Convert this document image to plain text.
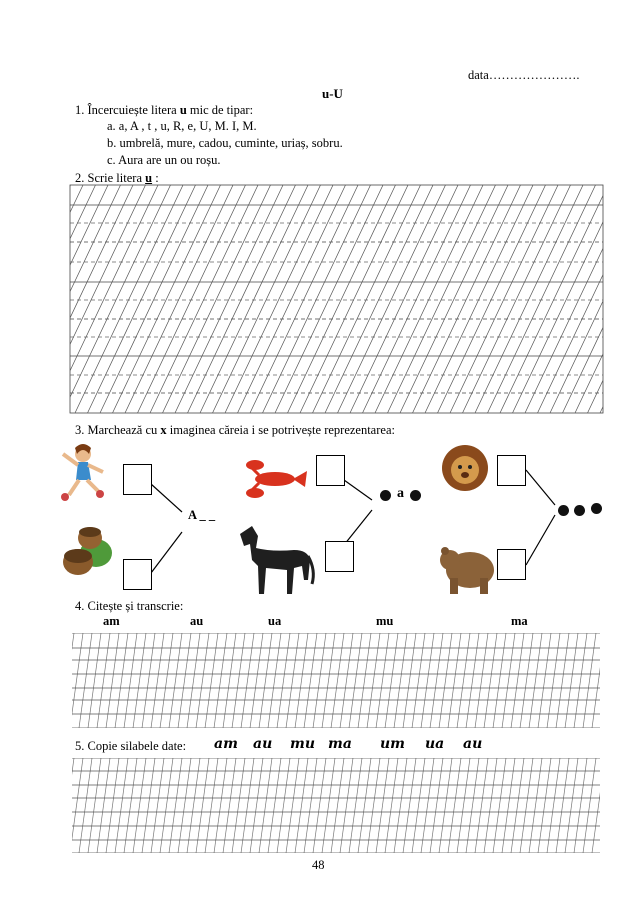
data………………….
u-U
1. Încercuiește litera u mic de tipar:
a. a, A , t , u, R, e, U, M. I, M.
b. umbrelă, mure, cadou, cuminte, uriaș, sobru.
c. Aura are un ou roșu.
2. Scrie litera u :
3. Marchează cu x imaginea căreia i se potrivește reprezentarea:
A _ _
a
4. Citește și transcrie:
am	au	ua	mu	ma
5. Copie silabele date: am au mu ma um ua au
48
